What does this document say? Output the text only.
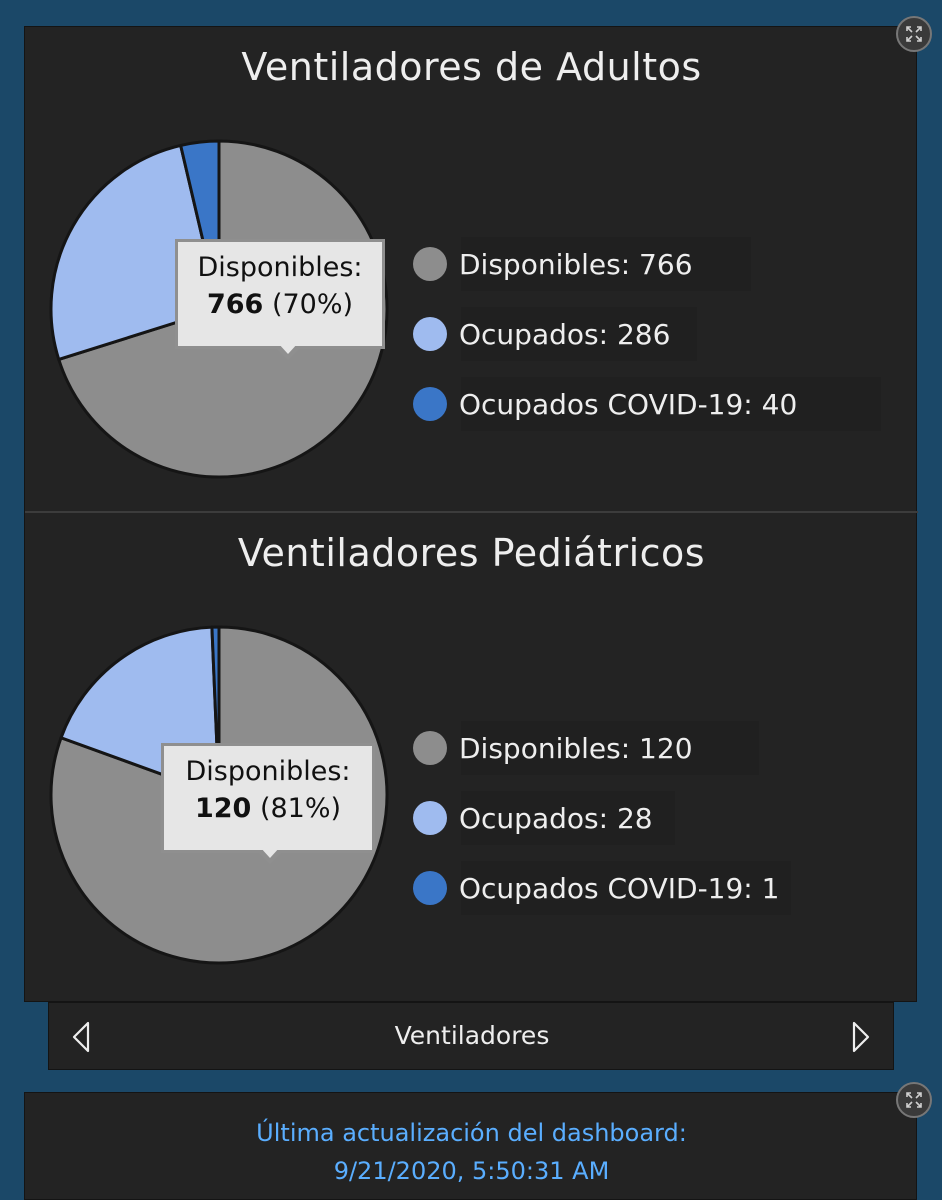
Ventiladores de Adultos
Disponibles:
766 (70%)
Disponibles: 766
Ocupados: 286
Ocupados COVID-19: 40
Ventiladores Pediátricos
Disponibles:
120 (81%)
Disponibles: 120
Ocupados: 28
Ocupados COVID-19: 1
Ventiladores
Última actualización del dashboard:
9/21/2020, 5:50:31 AM
